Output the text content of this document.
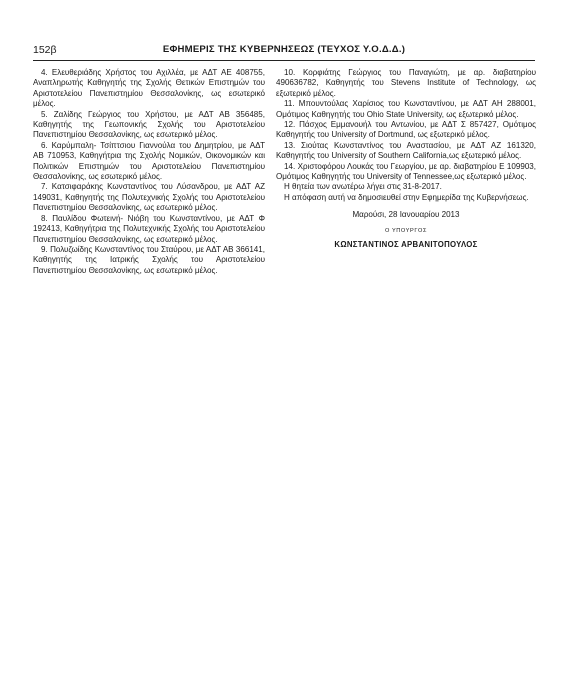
152β	ΕΦΗΜΕΡΙΣ ΤΗΣ ΚΥΒΕΡΝΗΣΕΩΣ (ΤΕΥΧΟΣ Υ.Ο.Δ.Δ.)

4. Ελευθεριάδης Χρήστος του Αχιλλέα, με ΑΔΤ ΑΕ 408755, Αναπληρωτής Καθηγητής της Σχολής Θετικών Επιστημών του Αριστοτελείου Πανεπιστημίου Θεσσαλονίκης, ως εσωτερικό μέλος.

5. Ζαλίδης Γεώργιος του Χρήστου, με ΑΔΤ ΑΒ 356485, Καθηγητής της Γεωπονικής Σχολής του Αριστοτελείου Πανεπιστημίου Θεσσαλονίκης, ως εσωτερικό μέλος.

6. Καρύμπαλη- Τσίπτσιου Γιαννούλα του Δημητρίου, με ΑΔΤ ΑΒ 710953, Καθηγήτρια της Σχολής Νομικών, Οικονομικών και Πολιτικών Επιστημών του Αριστοτελείου Πανεπιστημίου Θεσσαλονίκης, ως εσωτερικό μέλος.

7. Κατσιφαράκης Κωνσταντίνος του Λύσανδρου, με ΑΔΤ ΑΖ 149031, Καθηγητής της Πολυτεχνικής Σχολής του Αριστοτελείου Πανεπιστημίου Θεσσαλονίκης, ως εσωτερικό μέλος.

8. Παυλίδου Φωτεινή- Νιόβη του Κωνσταντίνου, με ΑΔΤ Φ 192413, Καθηγήτρια της Πολυτεχνικής Σχολής του Αριστοτελείου Πανεπιστημίου Θεσσαλονίκης, ως εσωτερικό μέλος.

9. Πολυζωίδης Κωνσταντίνος του Σταύρου, με ΑΔΤ ΑΒ 366141, Καθηγητής της Ιατρικής Σχολής του Αριστοτελείου Πανεπιστημίου Θεσσαλονίκης, ως εσωτερικό μέλος.

10. Κορφιάτης Γεώργιος του Παναγιώτη, με αρ. διαβατηρίου 490636782, Καθηγητής του Stevens Institute of Technology, ως εξωτερικό μέλος.

11. Μπουντούλας Χαρίσιος του Κωνσταντίνου, με ΑΔΤ ΑΗ 288001, Ομότιμος Καθηγητής του Ohio State University, ως εξωτερικό μέλος.

12. Πάσχος Εμμανουήλ του Αντωνίου, με ΑΔΤ Σ 857427, Ομότιμος Καθηγητής του University of Dortmund, ως εξωτερικό μέλος.

13. Σιούτας Κωνσταντίνος του Αναστασίου, με ΑΔΤ ΑΖ 161320, Καθηγητής του University of Southern California,ως εξωτερικό μέλος.

14. Χριστοφόρου Λουκάς του Γεωργίου, με αρ. διαβατηρίου Ε 109903, Ομότιμος Καθηγητής του University of Tennessee,ως εξωτερικό μέλος.

Η θητεία των ανωτέρω λήγει στις 31-8-2017.

Η απόφαση αυτή να δημοσιευθεί στην Εφημερίδα της Κυβερνήσεως.

Μαρούσι, 28 Ιανουαρίου 2013
Ο ΥΠΟΥΡΓΟΣ
ΚΩΝΣΤΑΝΤΙΝΟΣ ΑΡΒΑΝΙΤΟΠΟΥΛΟΣ
